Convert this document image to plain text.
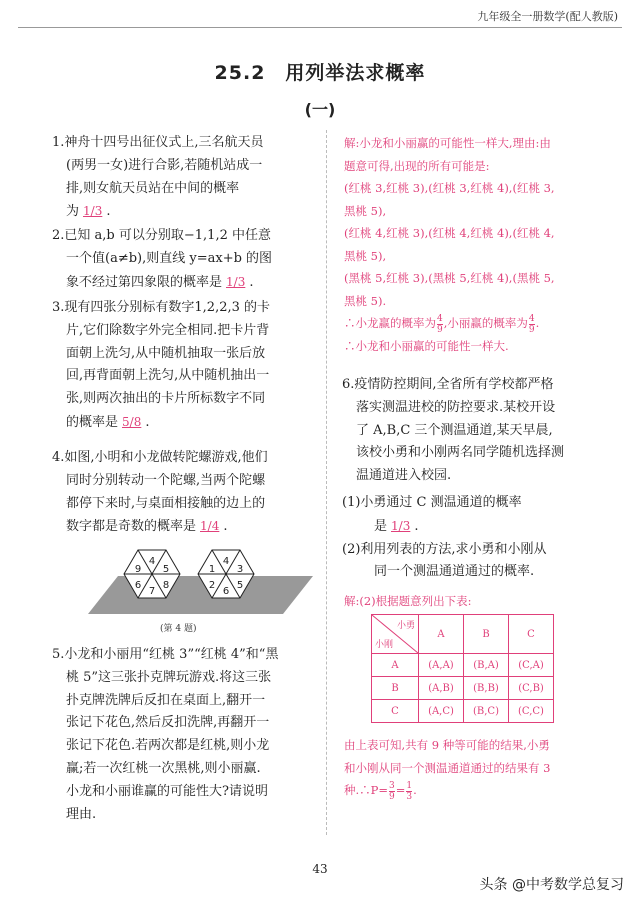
九年级全一册数学(配人教版)
25.2　用列举法求概率
(一)
1.神舟十四号出征仪式上,三名航天员
(两男一女)进行合影,若随机站成一
排,则女航天员站在中间的概率
为 1/3 .
2.已知 a,b 可以分别取−1,1,2 中任意
一个值(a≠b),则直线 y=ax+b 的图
象不经过第四象限的概率是 1/3 .
3.现有四张分别标有数字1,2,2,3 的卡
片,它们除数字外完全相同.把卡片背
面朝上洗匀,从中随机抽取一张后放
回,再背面朝上洗匀,从中随机抽出一
张,则两次抽出的卡片所标数字不同
的概率是 5/8 .
4.如图,小明和小龙做转陀螺游戏,他们
同时分别转动一个陀螺,当两个陀螺
都停下来时,与桌面相接触的边上的
数字都是奇数的概率是 1/4 .
4
9 5
6
7
8
4
1 3
2
6
5
(第 4 题)
5.小龙和小丽用“红桃 3”“红桃 4”和“黑
桃 5”这三张扑克牌玩游戏.将这三张
扑克牌洗牌后反扣在桌面上,翻开一
张记下花色,然后反扣洗牌,再翻开一
张记下花色.若两次都是红桃,则小龙
赢;若一次红桃一次黑桃,则小丽赢.
小龙和小丽谁赢的可能性大?请说明
理由.
解:小龙和小丽赢的可能性一样大,理由:由
题意可得,出现的所有可能是:
(红桃 3,红桃 3),(红桃 3,红桃 4),(红桃 3,
黑桃 5),
(红桃 4,红桃 3),(红桃 4,红桃 4),(红桃 4,
黑桃 5),
(黑桃 5,红桃 3),(黑桃 5,红桃 4),(黑桃 5,
黑桃 5).
∴小龙赢的概率为 $\frac{4}{9}$ ,小丽赢的概率为 $\frac{4}{9}$ .
∴小龙和小丽赢的可能性一样大.
6.疫情防控期间,全省所有学校都严格
落实测温进校的防控要求.某校开设
了 A,B,C 三个测温通道,某天早晨,
该校小勇和小刚两名同学随机选择测
温通道进入校园.
(1)小勇通过 C 测温通道的概率
是 1/3 .
(2)利用列表的方法,求小勇和小刚从
同一个测温通道通过的概率.
解:(2)根据题意列出下表:
小勇
小刚	A	B	C
A	(A,A)	(B,A)	(C,A)
B	(A,B)	(B,B)	(C,B)
C	(A,C)	(B,C)	(C,C)
由上表可知,共有 9 种等可能的结果,小勇
和小刚从同一个测温通道通过的结果有 3
种.∴P= $\frac{3}{9} = \frac{1}{3}$ .
43
头条 @中考数学总复习
